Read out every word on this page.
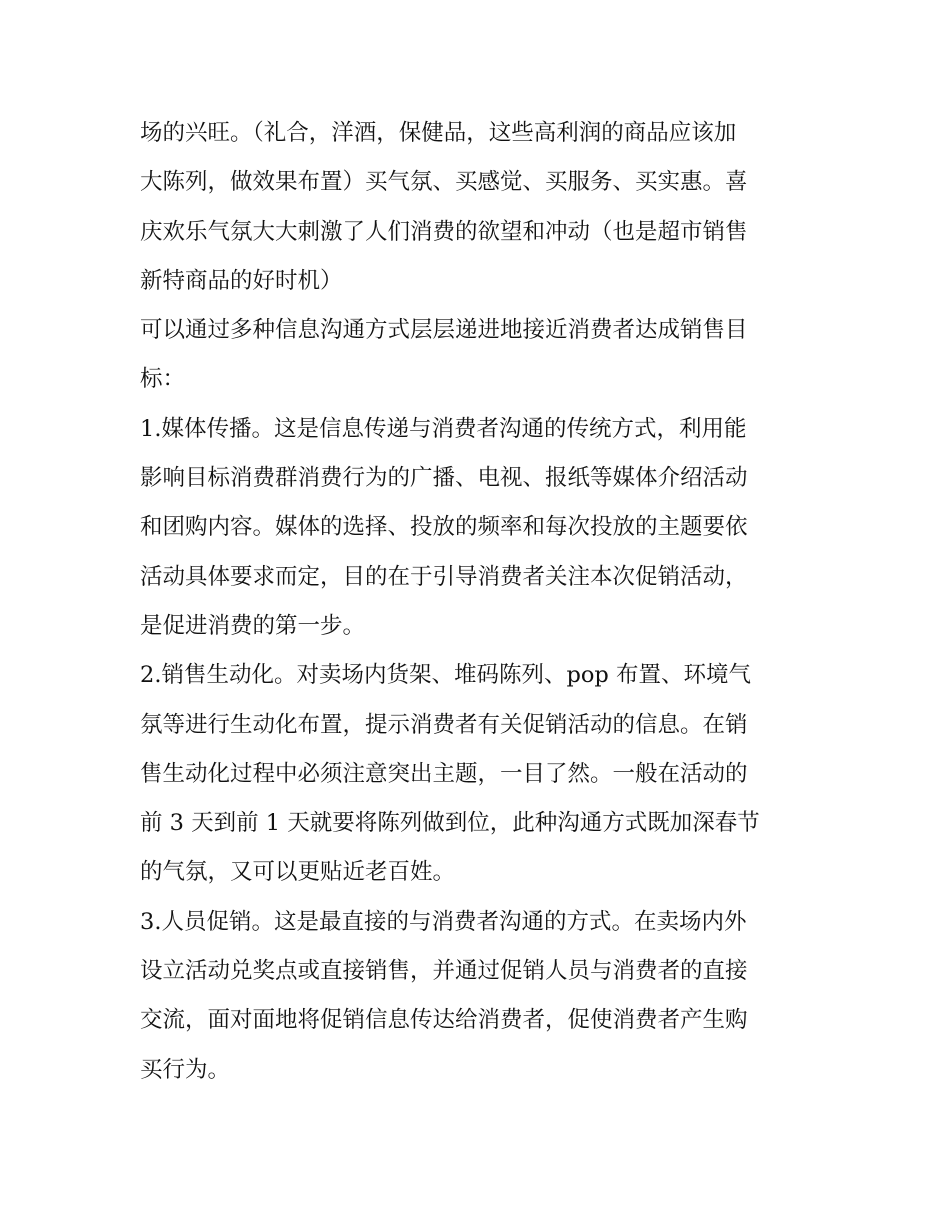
场的兴旺。（礼合，洋酒，保健品，这些高利润的商品应该加
大陈列，做效果布置）买气氛、买感觉、买服务、买实惠。喜
庆欢乐气氛大大刺激了人们消费的欲望和冲动（也是超市销售
新特商品的好时机）
可以通过多种信息沟通方式层层递进地接近消费者达成销售目
标：
1.媒体传播。这是信息传递与消费者沟通的传统方式，利用能
影响目标消费群消费行为的广播、电视、报纸等媒体介绍活动
和团购内容。媒体的选择、投放的频率和每次投放的主题要依
活动具体要求而定，目的在于引导消费者关注本次促销活动，
是促进消费的第一步。
2.销售生动化。对卖场内货架、堆码陈列、pop 布置、环境气
氛等进行生动化布置，提示消费者有关促销活动的信息。在销
售生动化过程中必须注意突出主题，一目了然。一般在活动的
前 3 天到前 1 天就要将陈列做到位，此种沟通方式既加深春节
的气氛，又可以更贴近老百姓。
3.人员促销。这是最直接的与消费者沟通的方式。在卖场内外
设立活动兑奖点或直接销售，并通过促销人员与消费者的直接
交流，面对面地将促销信息传达给消费者，促使消费者产生购
买行为。
